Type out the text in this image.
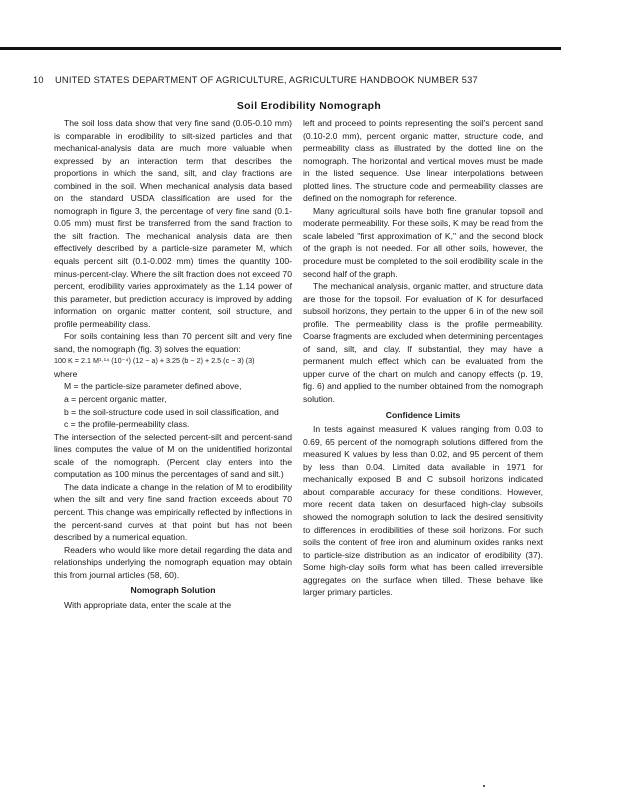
10 UNITED STATES DEPARTMENT OF AGRICULTURE, AGRICULTURE HANDBOOK NUMBER 537
Soil Erodibility Nomograph

The soil loss data show that very fine sand (0.05-0.10 mm) is comparable in erodibility to silt-sized particles and that mechanical-analysis data are much more valuable when expressed by an interaction term that describes the proportions in which the sand, silt, and clay fractions are combined in the soil. When mechanical analysis data based on the standard USDA classification are used for the nomograph in figure 3, the percentage of very fine sand (0.1-0.05 mm) must first be transferred from the sand fraction to the silt fraction. The mechanical analysis data are then effectively described by a particle-size parameter M, which equals percent silt (0.1-0.002 mm) times the quantity 100-minus-percent-clay. Where the silt fraction does not exceed 70 percent, erodibility varies approximately as the 1.14 power of this parameter, but prediction accuracy is improved by adding information on organic matter content, soil structure, and profile permeability class.

For soils containing less than 70 percent silt and very fine sand, the nomograph (fig. 3) solves the equation:

100 K = 2.1 M¹·¹⁴ (10⁻⁴) (12 − a) + 3.25 (b − 2) + 2.5 (c − 3) (3)

where

M = the particle-size parameter defined above,

a = percent organic matter,

b = the soil-structure code used in soil classification, and

c = the profile-permeability class.

The intersection of the selected percent-silt and percent-sand lines computes the value of M on the unidentified horizontal scale of the nomograph. (Percent clay enters into the computation as 100 minus the percentages of sand and silt.)

The data indicate a change in the relation of M to erodibility when the silt and very fine sand fraction exceeds about 70 percent. This change was empirically reflected by inflections in the percent-sand curves at that point but has not been described by a numerical equation.

Readers who would like more detail regarding the data and relationships underlying the nomograph equation may obtain this from journal articles (58, 60).

Nomograph Solution

With appropriate data, enter the scale at the

left and proceed to points representing the soil's percent sand (0.10-2.0 mm), percent organic matter, structure code, and permeability class as illustrated by the dotted line on the nomograph. The horizontal and vertical moves must be made in the listed sequence. Use linear interpolations between plotted lines. The structure code and permeability classes are defined on the nomograph for reference.

Many agricultural soils have both fine granular topsoil and moderate permeability. For these soils, K may be read from the scale labeled "first approximation of K," and the second block of the graph is not needed. For all other soils, however, the procedure must be completed to the soil erodibility scale in the second half of the graph.

The mechanical analysis, organic matter, and structure data are those for the topsoil. For evaluation of K for desurfaced subsoil horizons, they pertain to the upper 6 in of the new soil profile. The permeability class is the profile permeability. Coarse fragments are excluded when determining percentages of sand, silt, and clay. If substantial, they may have a permanent mulch effect which can be evaluated from the upper curve of the chart on mulch and canopy effects (p. 19, fig. 6) and applied to the number obtained from the nomograph solution.

Confidence Limits

In tests against measured K values ranging from 0.03 to 0.69, 65 percent of the nomograph solutions differed from the measured K values by less than 0.02, and 95 percent of them by less than 0.04. Limited data available in 1971 for mechanically exposed B and C subsoil horizons indicated about comparable accuracy for these conditions. However, more recent data taken on desurfaced high-clay subsoils showed the nomograph solution to lack the desired sensitivity to differences in erodibilities of these soil horizons. For such soils the content of free iron and aluminum oxides ranks next to particle-size distribution as an indicator of erodibility (37). Some high-clay soils form what has been called irreversible aggregates on the surface when tilled. These behave like larger primary particles.
